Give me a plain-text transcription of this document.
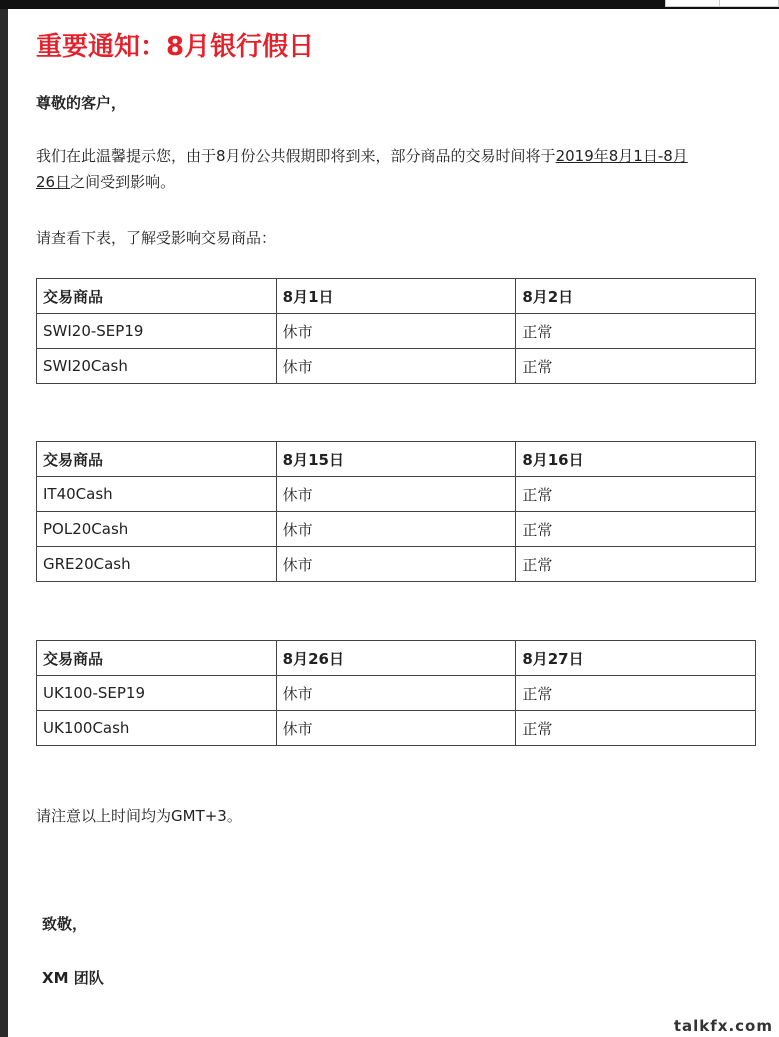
重要通知：8月银行假日

尊敬的客户，

我们在此温馨提示您，由于8月份公共假期即将到来，部分商品的交易时间将于2019年8月1日-8月
26日之间受到影响。

请查看下表，了解受影响交易商品：

交易商品	8月1日	8月2日
SWI20-SEP19	休市	正常
SWI20Cash	休市	正常
交易商品	8月15日	8月16日
IT40Cash	休市	正常
POL20Cash	休市	正常
GRE20Cash	休市	正常
交易商品	8月26日	8月27日
UK100-SEP19	休市	正常
UK100Cash	休市	正常

请注意以上时间均为GMT+3。

致敬，

XM 团队

talkfx.com
